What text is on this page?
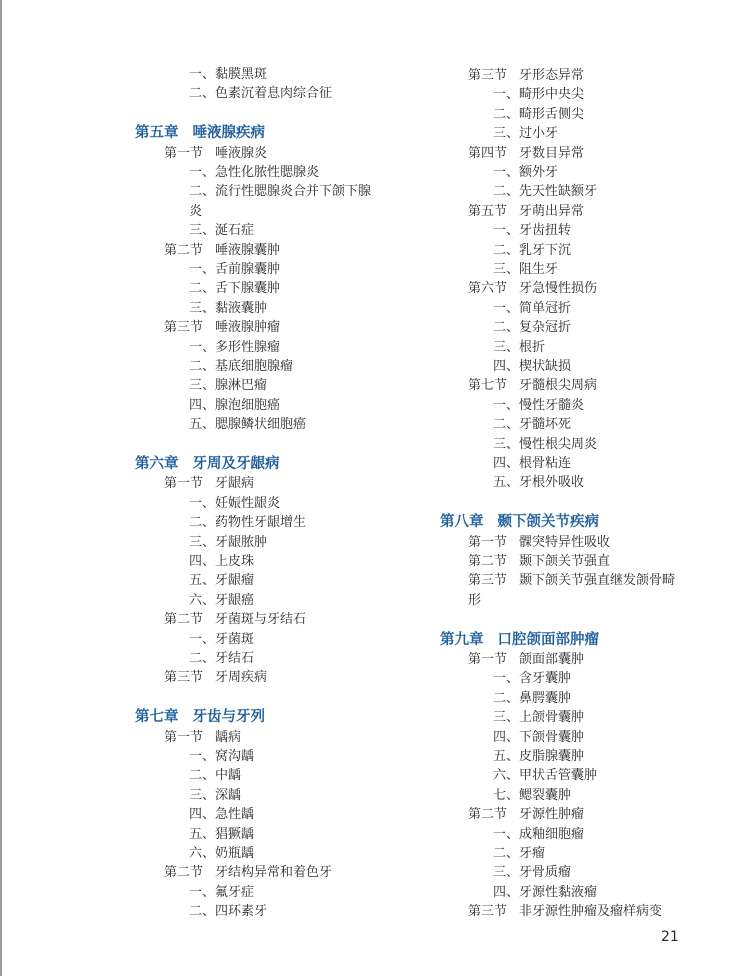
一、黏膜黑斑
二、色素沉着息肉综合征
第五章 唾液腺疾病
第一节 唾液腺炎
一、急性化脓性腮腺炎
二、流行性腮腺炎合并下颌下腺
炎
三、涎石症
第二节 唾液腺囊肿
一、舌前腺囊肿
二、舌下腺囊肿
三、黏液囊肿
第三节 唾液腺肿瘤
一、多形性腺瘤
二、基底细胞腺瘤
三、腺淋巴瘤
四、腺泡细胞癌
五、腮腺鳞状细胞癌
第六章 牙周及牙龈病
第一节 牙龈病
一、妊娠性龈炎
二、药物性牙龈增生
三、牙龈脓肿
四、上皮珠
五、牙龈瘤
六、牙龈癌
第二节 牙菌斑与牙结石
一、牙菌斑
二、牙结石
第三节 牙周疾病
第七章 牙齿与牙列
第一节 龋病
一、窝沟龋
二、中龋
三、深龋
四、急性龋
五、猖獗龋
六、奶瓶龋
第二节 牙结构异常和着色牙
一、氟牙症
二、四环素牙
第三节 牙形态异常
一、畸形中央尖
二、畸形舌侧尖
三、过小牙
第四节 牙数目异常
一、额外牙
二、先天性缺额牙
第五节 牙萌出异常
一、牙齿扭转
二、乳牙下沉
三、阻生牙
第六节 牙急慢性损伤
一、简单冠折
二、复杂冠折
三、根折
四、楔状缺损
第七节 牙髓根尖周病
一、慢性牙髓炎
二、牙髓坏死
三、慢性根尖周炎
四、根骨粘连
五、牙根外吸收
第八章 颞下颌关节疾病
第一节 髁突特异性吸收
第二节 颞下颌关节强直
第三节 颞下颌关节强直继发颌骨畸
形
第九章 口腔颌面部肿瘤
第一节 颌面部囊肿
一、含牙囊肿
二、鼻腭囊肿
三、上颌骨囊肿
四、下颌骨囊肿
五、皮脂腺囊肿
六、甲状舌管囊肿
七、鳃裂囊肿
第二节 牙源性肿瘤
一、成釉细胞瘤
二、牙瘤
三、牙骨质瘤
四、牙源性黏液瘤
第三节 非牙源性肿瘤及瘤样病变
21
